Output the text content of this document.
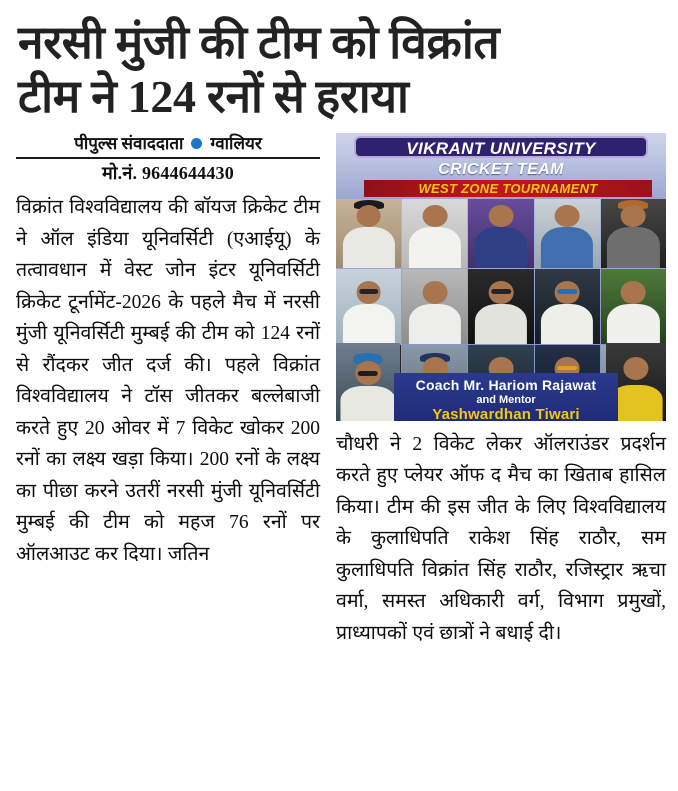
नरसी मुंजी की टीम को विक्रांत
टीम ने 124 रनों से हराया
पीपुल्स संवाददाता ग्वालियर
मो.नं. 9644644430
विक्रांत विश्वविद्यालय की बॉयज क्रिकेट टीम ने ऑल इंडिया यूनिवर्सिटी (एआईयू) के तत्वावधान में वेस्ट जोन इंटर यूनिवर्सिटी क्रिकेट टूर्नामेंट-2026 के पहले मैच में नरसी मुंजी यूनिवर्सिटी मुम्बई की टीम को 124 रनों से रौंदकर जीत दर्ज की। पहले विक्रांत विश्वविद्यालय ने टॉस जीतकर बल्लेबाजी करते हुए 20 ओवर में 7 विकेट खोकर 200 रनों का लक्ष्य खड़ा किया। 200 रनों के लक्ष्य का पीछा करने उतरीं नरसी मुंजी यूनिवर्सिटी मुम्बई की टीम को महज 76 रनों पर ऑलआउट कर दिया। जतिन
VIKRANT UNIVERSITY
CRICKET TEAM
WEST ZONE TOURNAMENT
Coach Mr. Hariom Rajawat
and Mentor
Yashwardhan Tiwari
चौधरी ने 2 विकेट लेकर ऑलराउंडर प्रदर्शन करते हुए प्लेयर ऑफ द मैच का खिताब हासिल किया। टीम की इस जीत के लिए विश्वविद्यालय के कुलाधिपति राकेश सिंह राठौर, सम कुलाधिपति विक्रांत सिंह राठौर, रजिस्ट्रार ऋचा वर्मा, समस्त अधिकारी वर्ग, विभाग प्रमुखों, प्राध्यापकों एवं छात्रों ने बधाई दी।
